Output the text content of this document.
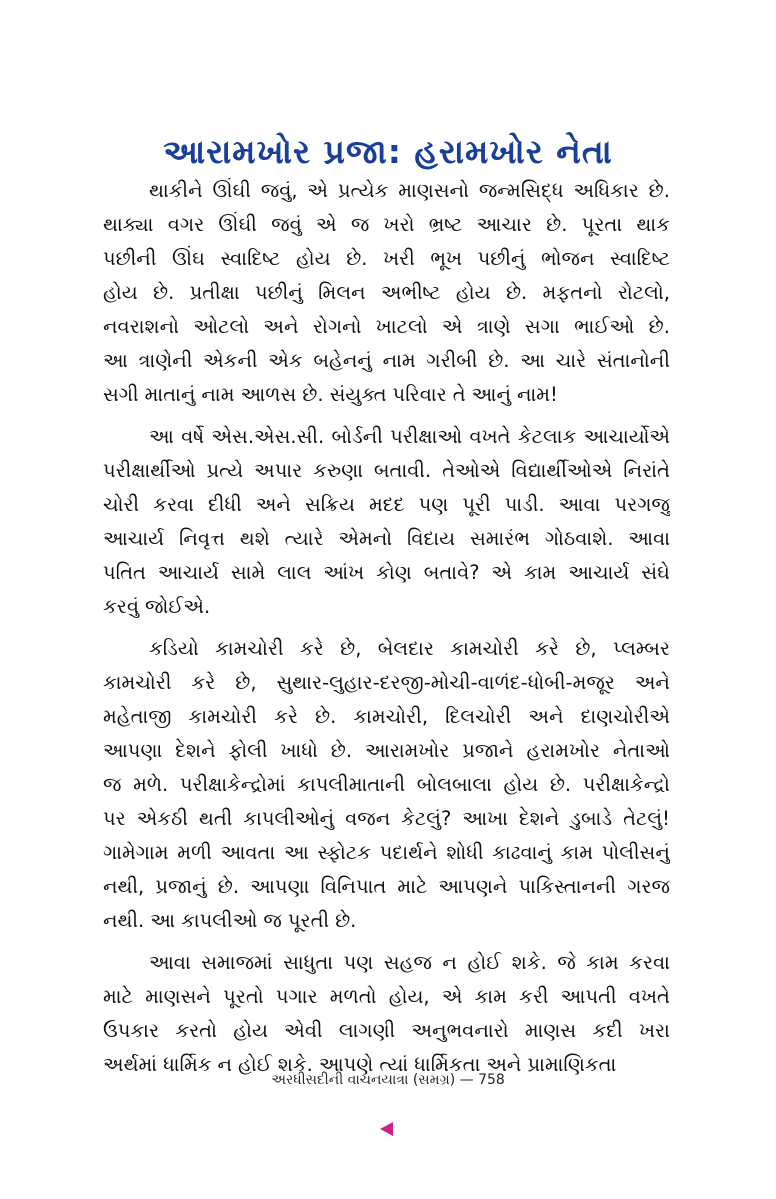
આરામખોર પ્રજા: હરામખોર નેતા
થાકીને ઊંઘી જવું, એ પ્રત્યેક માણસનો જન્મસિદ્ધ અધિકાર છે.
થાક્યા વગર ઊંઘી જવું એ જ ખરો ભ્રષ્ટ આચાર છે. પૂરતા થાક
પછીની ઊંઘ સ્વાદિષ્ટ હોય છે. ખરી ભૂખ પછીનું ભોજન સ્વાદિષ્ટ
હોય છે. પ્રતીક્ષા પછીનું મિલન અભીષ્ટ હોય છે. મફતનો રોટલો,
નવરાશનો ઓટલો અને રોગનો ખાટલો એ ત્રાણે સગા ભાઈઓ છે.
આ ત્રાણેની એકની એક બહેનનું નામ ગરીબી છે. આ ચારે સંતાનોની
સગી માતાનું નામ આળસ છે. સંયુક્ત પરિવાર તે આનું નામ!
આ વર્ષે એસ.એસ.સી. બોર્ડની પરીક્ષાઓ વખતે કેટલાક આચાર્યોએ
પરીક્ષાર્થીઓ પ્રત્યે અપાર કરુણા બતાવી. તેઓએ વિદ્યાર્થીઓએ નિરાંતે
ચોરી કરવા દીધી અને સક્રિય મદદ પણ પૂરી પાડી. આવા પરગજુ
આચાર્ય નિવૃત્ત થશે ત્યારે એમનો વિદાય સમારંભ ગોઠવાશે. આવા
પતિત આચાર્ય સામે લાલ આંખ કોણ બતાવે? એ કામ આચાર્ય સંઘે
કરવું જોઈએ.
કડિયો કામચોરી કરે છે, બેલદાર કામચોરી કરે છે, પ્લમ્બર
કામચોરી કરે છે, સુથાર-લુહાર-દરજી-મોચી-વાળંદ-ધોબી-મજૂર અને
મહેતાજી કામચોરી કરે છે. કામચોરી, દિલચોરી અને દાણચોરીએ
આપણા દેશને ફોલી ખાધો છે. આરામખોર પ્રજાને હરામખોર નેતાઓ
જ મળે. પરીક્ષાકેન્દ્રોમાં કાપલીમાતાની બોલબાલા હોય છે. પરીક્ષાકેન્દ્રો
પર એકઠી થતી કાપલીઓનું વજન કેટલું? આખા દેશને ડુબાડે તેટલું!
ગામેગામ મળી આવતા આ સ્ફોટક પદાર્થને શોધી કાઢવાનું કામ પોલીસનું
નથી, પ્રજાનું છે. આપણા વિનિપાત માટે આપણને પાકિસ્તાનની ગરજ
નથી. આ કાપલીઓ જ પૂરતી છે.
આવા સમાજમાં સાધુતા પણ સહજ ન હોઈ શકે. જે કામ કરવા
માટે માણસને પૂરતો પગાર મળતો હોય, એ કામ કરી આપતી વખતે
ઉપકાર કરતો હોય એવી લાગણી અનુભવનારો માણસ કદી ખરા
અર્થમાં ધાર્મિક ન હોઈ શકે. આપણે ત્યાં ધાર્મિકતા અને પ્રામાણિકતા
અરધીસદીની વાચનયાત્રા (સમગ્ર) — 758
